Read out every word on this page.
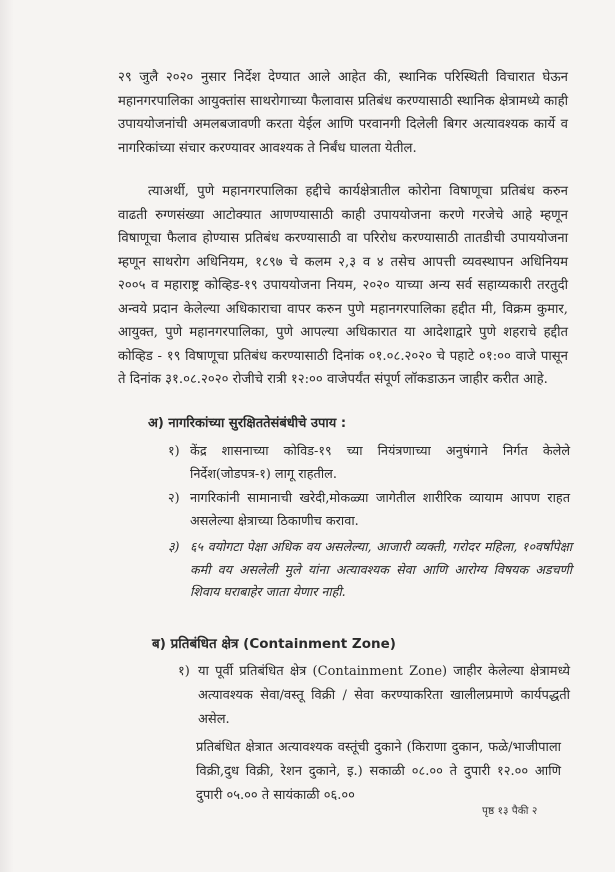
२९ जुलै २०२० नुसार निर्देश देण्यात आले आहेत की, स्थानिक परिस्थिती विचारात घेऊन महानगरपालिका आयुक्तांस साथरोगाच्या फैलावास प्रतिबंध करण्यासाठी स्थानिक क्षेत्रामध्ये काही उपाययोजनांची अमलबजावणी करता येईल आणि परवानगी दिलेली बिगर अत्यावश्यक कार्ये व नागरिकांच्या संचार करण्यावर आवश्यक ते निर्बंध घालता येतील.
त्याअर्थी, पुणे महानगरपालिका हद्दीचे कार्यक्षेत्रातील कोरोना विषाणूचा प्रतिबंध करुन वाढती रुग्णसंख्या आटोक्यात आणण्यासाठी काही उपाययोजना करणे गरजेचे आहे म्हणून विषाणूचा फैलाव होण्यास प्रतिबंध करण्यासाठी वा परिरोध करण्यासाठी तातडीची उपाययोजना म्हणून साथरोग अधिनियम, १८९७ चे कलम २,३ व ४ तसेच आपत्ती व्यवस्थापन अधिनियम २००५ व महाराष्ट्र कोव्हिड-१९ उपाययोजना नियम, २०२० याच्या अन्य सर्व सहाय्यकारी तरतुदी अन्वये प्रदान केलेल्या अधिकाराचा वापर करुन पुणे महानगरपालिका हद्दीत मी, विक्रम कुमार, आयुक्त, पुणे महानगरपालिका, पुणे आपल्या अधिकारात या आदेशाद्वारे पुणे शहराचे हद्दीत कोव्हिड - १९ विषाणूचा प्रतिबंध करण्यासाठी दिनांक ०१.०८.२०२० चे पहाटे ०१:०० वाजे पासून ते दिनांक ३१.०८.२०२० रोजीचे रात्री १२:०० वाजेपर्यंत संपूर्ण लॉकडाऊन जाहीर करीत आहे.
अ) नागरिकांच्या सुरक्षिततेसंबंधीचे उपाय :
१) केंद्र शासनाच्या कोविड-१९ च्या नियंत्रणाच्या अनुषंगाने निर्गत केलेले निर्देश(जोडपत्र-१) लागू राहतील.
२) नागरिकांनी सामानाची खरेदी,मोकळ्या जागेतील शारीरिक व्यायाम आपण राहत असलेल्या क्षेत्राच्या ठिकाणीच करावा.
३) ६५ वयोगटा पेक्षा अधिक वय असलेल्या, आजारी व्यक्ती, गरोदर महिला, १०वर्षांपेक्षा कमी वय असलेली मुले यांना अत्यावश्यक सेवा आणि आरोग्य विषयक अडचणी शिवाय घराबाहेर जाता येणार नाही.
ब) प्रतिबंधित क्षेत्र (Containment Zone)
१) या पूर्वी प्रतिबंधित क्षेत्र (Containment Zone) जाहीर केलेल्या क्षेत्रामध्ये अत्यावश्यक सेवा/वस्तू विक्री / सेवा करण्याकरिता खालीलप्रमाणे कार्यपद्धती असेल.
प्रतिबंधित क्षेत्रात अत्यावश्यक वस्तूंची दुकाने (किराणा दुकान, फळे/भाजीपाला विक्री,दुध विक्री, रेशन दुकाने, इ.) सकाळी ०८.०० ते दुपारी १२.०० आणि दुपारी ०५.०० ते सायंकाळी ०६.००
पृष्ठ १३ पैकी २
